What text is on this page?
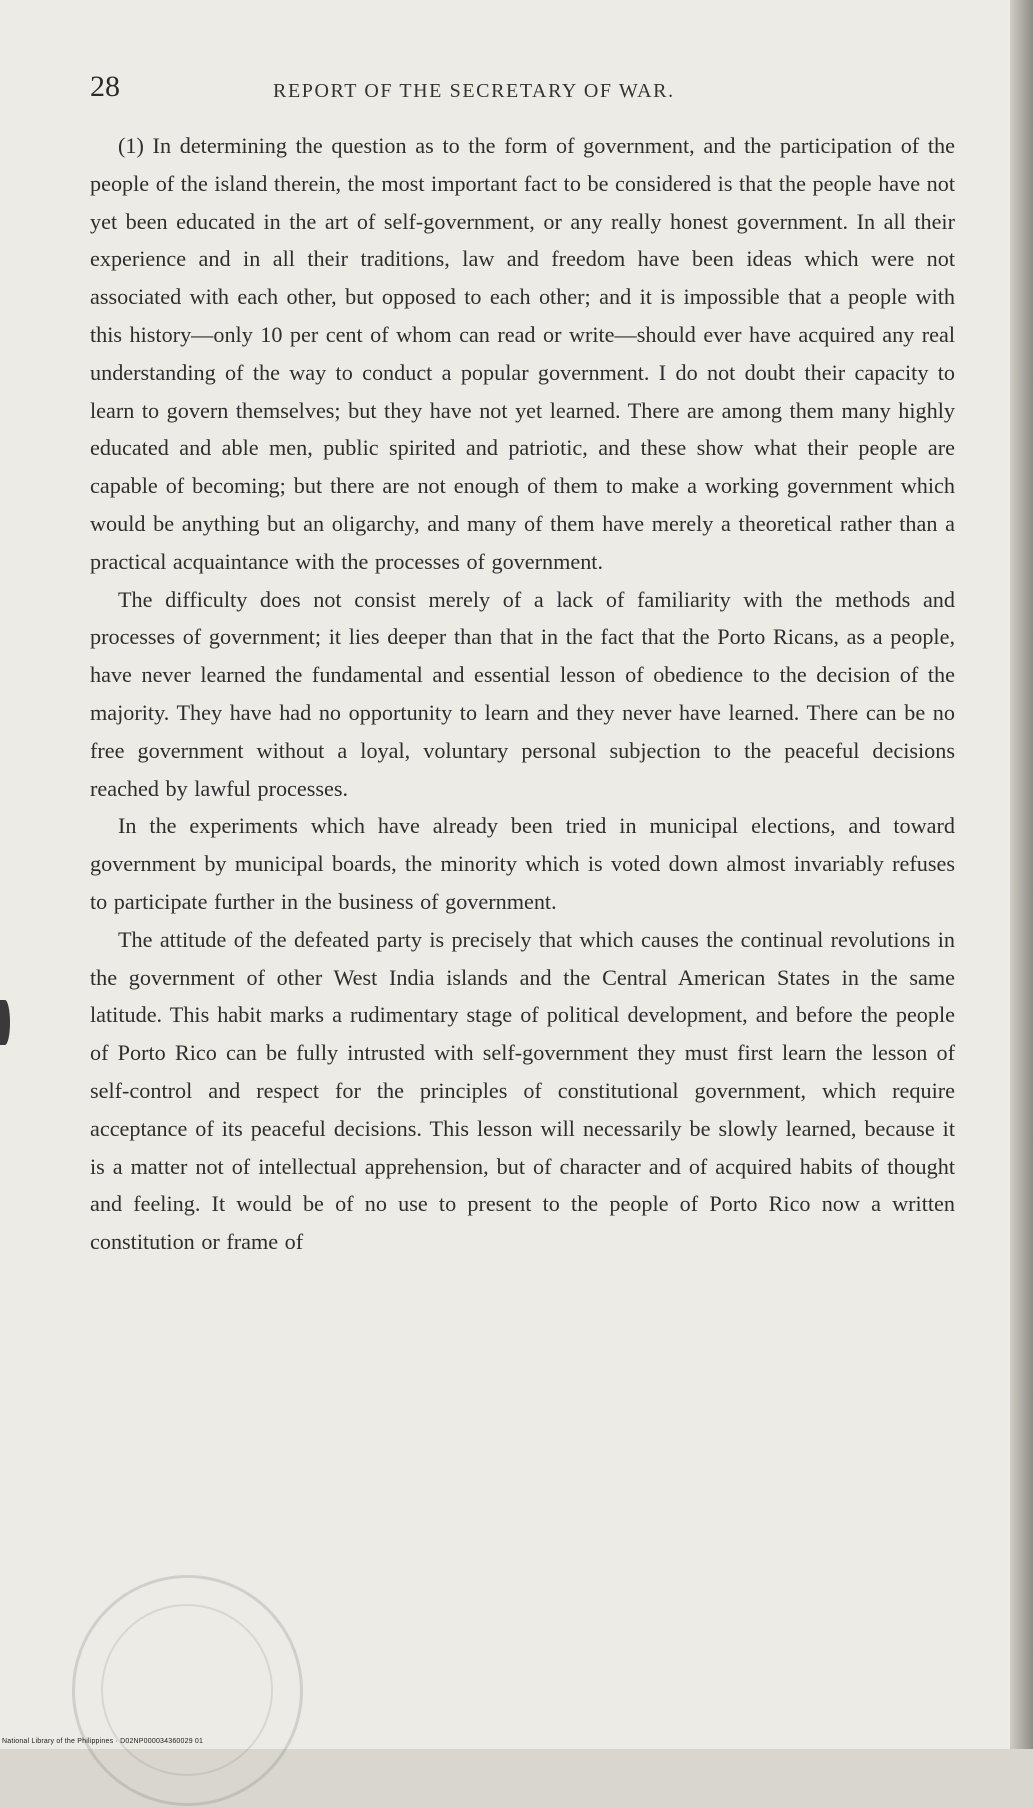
28	REPORT OF THE SECRETARY OF WAR.

(1) In determining the question as to the form of government, and the participation of the people of the island therein, the most important fact to be considered is that the people have not yet been educated in the art of self-government, or any really honest government. In all their experience and in all their traditions, law and freedom have been ideas which were not associated with each other, but opposed to each other; and it is impossible that a people with this history—only 10 per cent of whom can read or write—should ever have acquired any real understanding of the way to conduct a popular government. I do not doubt their capacity to learn to govern themselves; but they have not yet learned. There are among them many highly educated and able men, public spirited and patriotic, and these show what their people are capable of becoming; but there are not enough of them to make a working government which would be anything but an oligarchy, and many of them have merely a theoretical rather than a practical acquaintance with the processes of government.

The difficulty does not consist merely of a lack of familiarity with the methods and processes of government; it lies deeper than that in the fact that the Porto Ricans, as a people, have never learned the fundamental and essential lesson of obedience to the decision of the majority. They have had no opportunity to learn and they never have learned. There can be no free government without a loyal, voluntary personal subjection to the peaceful decisions reached by lawful processes.

In the experiments which have already been tried in municipal elections, and toward government by municipal boards, the minority which is voted down almost invariably refuses to participate further in the business of government.

The attitude of the defeated party is precisely that which causes the continual revolutions in the government of other West India islands and the Central American States in the same latitude. This habit marks a rudimentary stage of political development, and before the people of Porto Rico can be fully intrusted with self-government they must first learn the lesson of self-control and respect for the principles of constitutional government, which require acceptance of its peaceful decisions. This lesson will necessarily be slowly learned, because it is a matter not of intellectual apprehension, but of character and of acquired habits of thought and feeling. It would be of no use to present to the people of Porto Rico now a written constitution or frame of

National Library of the Philippines · D02NP000034360029 01
